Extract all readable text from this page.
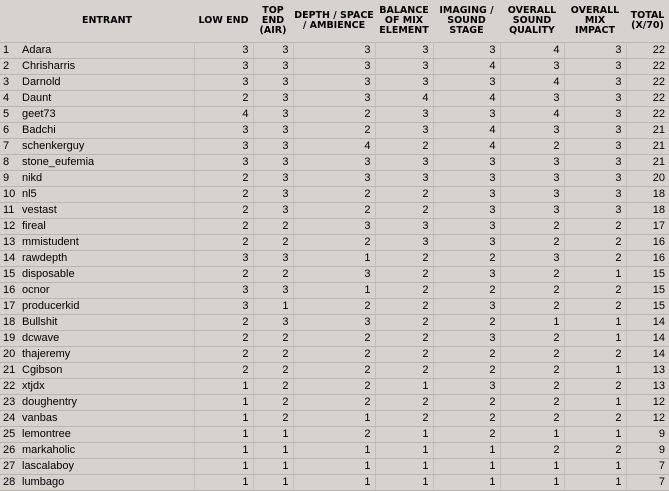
	ENTRANT	LOW END	TOP END (AIR)	DEPTH / SPACE / AMBIENCE	BALANCE OF MIX ELEMENT	IMAGING / SOUND STAGE	OVERALL SOUND QUALITY	OVERALL MIX IMPACT	TOTAL (X/70)
1	Adara	3	3	3	3	3	4	3	22
2	Chrisharris	3	3	3	3	4	3	3	22
3	Darnold	3	3	3	3	3	4	3	22
4	Daunt	2	3	3	4	4	3	3	22
5	geet73	4	3	2	3	3	4	3	22
6	Badchi	3	3	2	3	4	3	3	21
7	schenkerguy	3	3	4	2	4	2	3	21
8	stone_eufemia	3	3	3	3	3	3	3	21
9	nikd	2	3	3	3	3	3	3	20
10	nl5	2	3	2	2	3	3	3	18
11	vestast	2	3	2	2	3	3	3	18
12	fireal	2	2	3	3	3	2	2	17
13	mmistudent	2	2	2	3	3	2	2	16
14	rawdepth	3	3	1	2	2	3	2	16
15	disposable	2	2	3	2	3	2	1	15
16	ocnor	3	3	1	2	2	2	2	15
17	producerkid	3	1	2	2	3	2	2	15
18	Bullshit	2	3	3	2	2	1	1	14
19	dcwave	2	2	2	2	3	2	1	14
20	thajeremy	2	2	2	2	2	2	2	14
21	Cgibson	2	2	2	2	2	2	1	13
22	xtjdx	1	2	2	1	3	2	2	13
23	doughentry	1	2	2	2	2	2	1	12
24	vanbas	1	2	1	2	2	2	2	12
25	lemontree	1	1	2	1	2	1	1	9
26	markaholic	1	1	1	1	1	2	2	9
27	lascalaboy	1	1	1	1	1	1	1	7
28	lumbago	1	1	1	1	1	1	1	7
